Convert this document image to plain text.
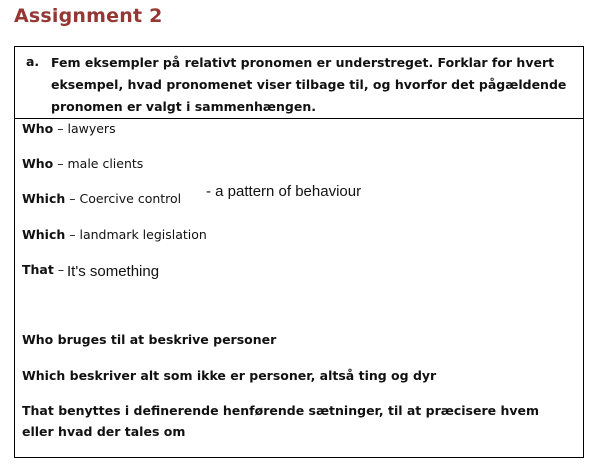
Assignment 2
a. Fem eksempler på relativt pronomen er understreget. Forklar for hvert eksempel, hvad pronomenet viser tilbage til, og hvorfor det pågældende pronomen er valgt i sammenhængen.
Who – lawyers
Who – male clients
Which – Coercive control - a pattern of behaviour
Which – landmark legislation
That – It's something
Who bruges til at beskrive personer
Which beskriver alt som ikke er personer, altså ting og dyr
That benyttes i definerende henførende sætninger, til at præcisere hvem eller hvad der tales om
